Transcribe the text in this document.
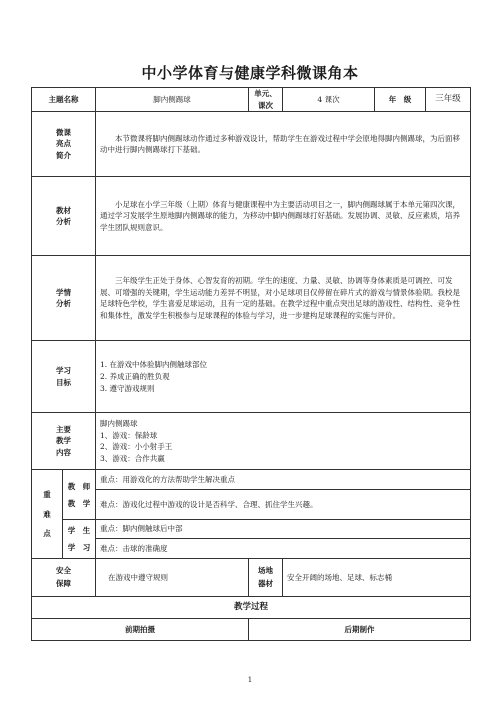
中小学体育与健康学科微课角本
主题名称		脚内侧踢球	单元、课次	4 课次	年　级	三年级

微课
亮点
简介		本节微课将脚内侧踢球动作通过多种游戏设计，帮助学生在游戏过程中学会原地得脚内侧踢球，为后面移动中进行脚内侧踢球打下基础。				

教材
分析		小足球在小学三年级（上期）体育与健康课程中为主要活动项目之一，脚内侧踢球属于本单元第四次课，通过学习发展学生原地脚内侧踢球的能力，为移动中脚内侧踢球打好基础。发展协调、灵敏、反应素质，培养学生团队规则意识。				

学情
分析		三年级学生正处于身体、心智发育的初期。学生的速度、力量、灵敏、协调等身体素质是可调控、可发展、可增强的关键期，学生运动能力差异不明显，对小足球项目仅停留在碎片式的游戏与情景体验期。我校是足球特色学校，学生喜爱足球运动，且有一定的基础。在教学过程中重点突出足球的游戏性、结构性、竞争性和集体性，激发学生积极参与足球课程的体验与学习，进一步建构足球课程的实施与评价。				

学习
目标		1. 在游戏中体验脚内侧触球部位
2. 养成正确的胜负观
3. 遵守游戏规则				

主要
教学
内容		脚内侧踢球
1、游戏：保龄球
2、游戏：小小射手王
3、游戏：合作共赢				

重
难
点	教　师
教　学	重点：用游戏化的方法帮助学生解决重点				
		难点：游戏化过程中游戏的设计是否科学、合理、抓住学生兴趣。				

	学　生
学　习	重点：脚内侧触球后中部				
		难点：击球的准确度				

安全
保障		在游戏中遵守规则	场地
器材	安全开阔的场地、足球、标志桶		
教学过程						
前期拍摄			后期制作			
1
